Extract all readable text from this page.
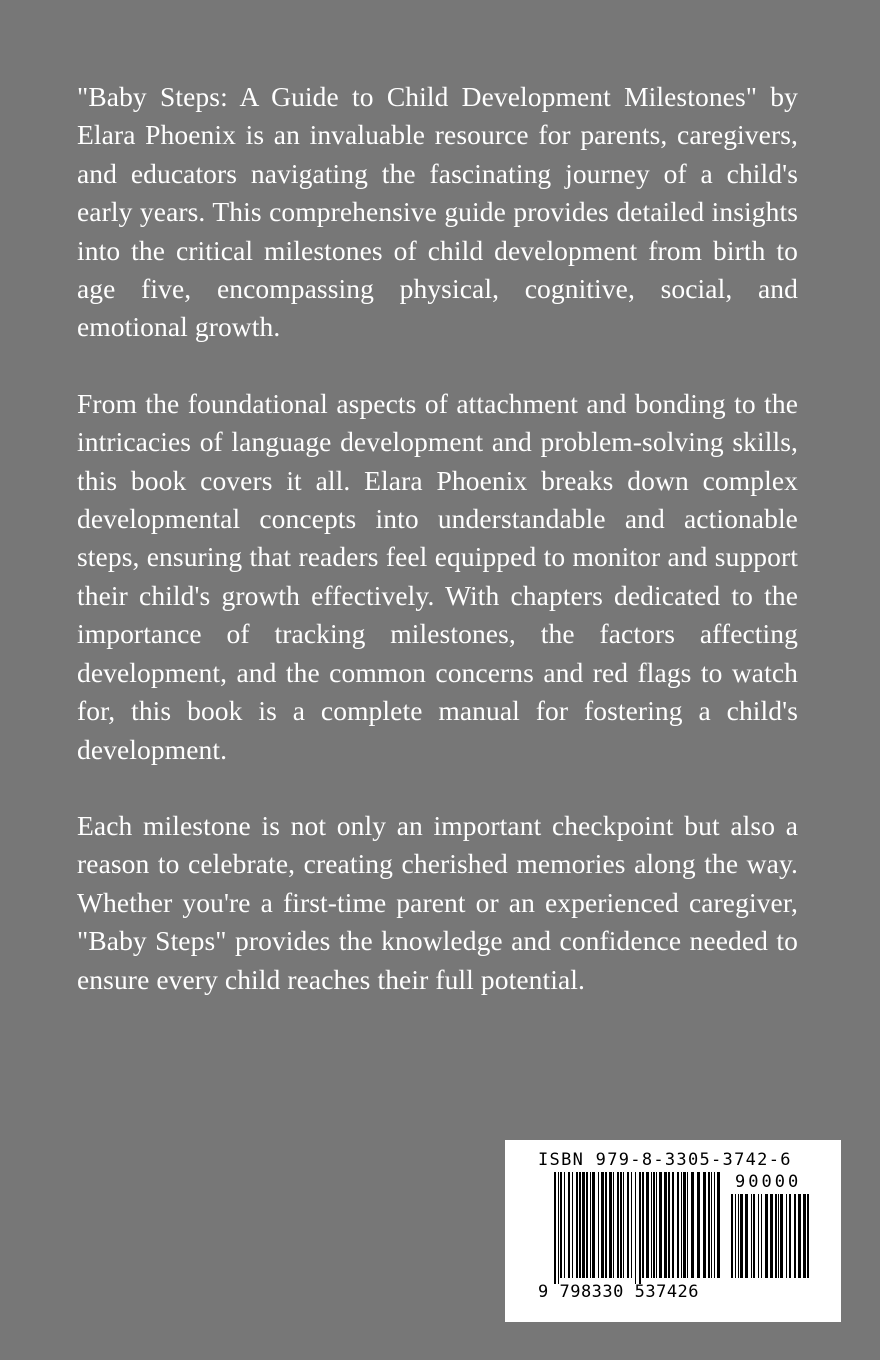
"Baby Steps: A Guide to Child Development Milestones" by Elara Phoenix is an invaluable resource for parents, caregivers, and educators navigating the fascinating journey of a child's early years. This comprehensive guide provides detailed insights into the critical milestones of child development from birth to age five, encompassing physical, cognitive, social, and emotional growth.

From the foundational aspects of attachment and bonding to the intricacies of language development and problem-solving skills, this book covers it all. Elara Phoenix breaks down complex developmental concepts into understandable and actionable steps, ensuring that readers feel equipped to monitor and support their child's growth effectively. With chapters dedicated to the importance of tracking milestones, the factors affecting development, and the common concerns and red flags to watch for, this book is a complete manual for fostering a child's development.

Each milestone is not only an important checkpoint but also a reason to celebrate, creating cherished memories along the way. Whether you're a first-time parent or an experienced caregiver, "Baby Steps" provides the knowledge and confidence needed to ensure every child reaches their full potential.

ISBN 979-8-3305-3742-6
90000
9 798330 537426
